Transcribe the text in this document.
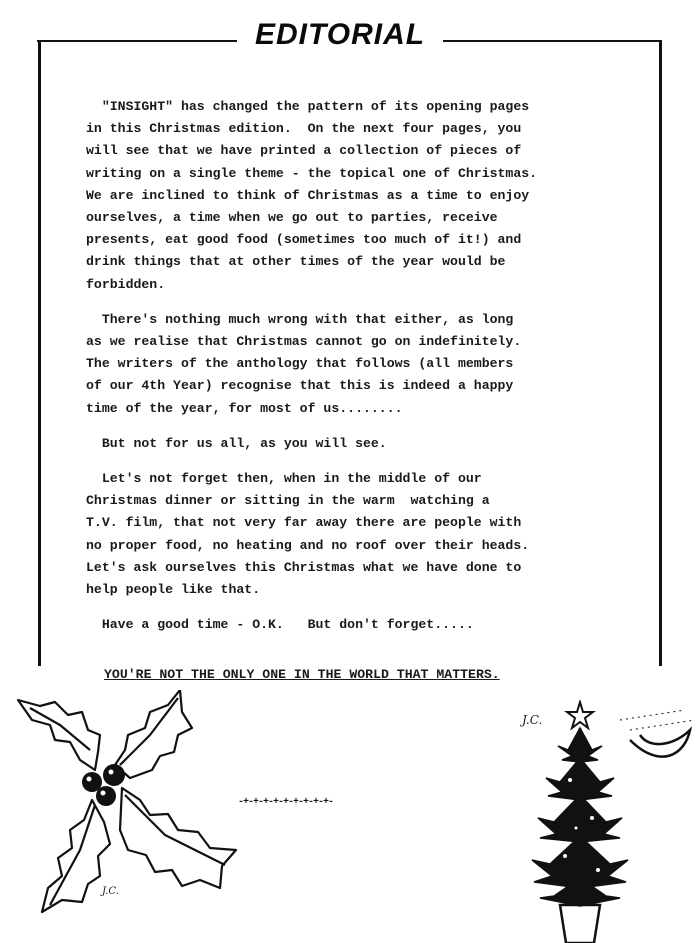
EDITORIAL

"INSIGHT" has changed the pattern of its opening pages
in this Christmas edition.  On the next four pages, you
will see that we have printed a collection of pieces of
writing on a single theme - the topical one of Christmas.
We are inclined to think of Christmas as a time to enjoy
ourselves, a time when we go out to parties, receive
presents, eat good food (sometimes too much of it!) and
drink things that at other times of the year would be
forbidden.

There's nothing much wrong with that either, as long
as we realise that Christmas cannot go on indefinitely.
The writers of the anthology that follows (all members
of our 4th Year) recognise that this is indeed a happy
time of the year, for most of us........

But not for us all, as you will see.

Let's not forget then, when in the middle of our
Christmas dinner or sitting in the warm  watching a
T.V. film, that not very far away there are people with
no proper food, no heating and no roof over their heads.
Let's ask ourselves this Christmas what we have done to
help people like that.

Have a good time - O.K.   But don't forget.....

YOU'RE NOT THE ONLY ONE IN THE WORLD THAT MATTERS.
-+-+-+-+-+-+-+-+-+-
J.C.
J.C.
